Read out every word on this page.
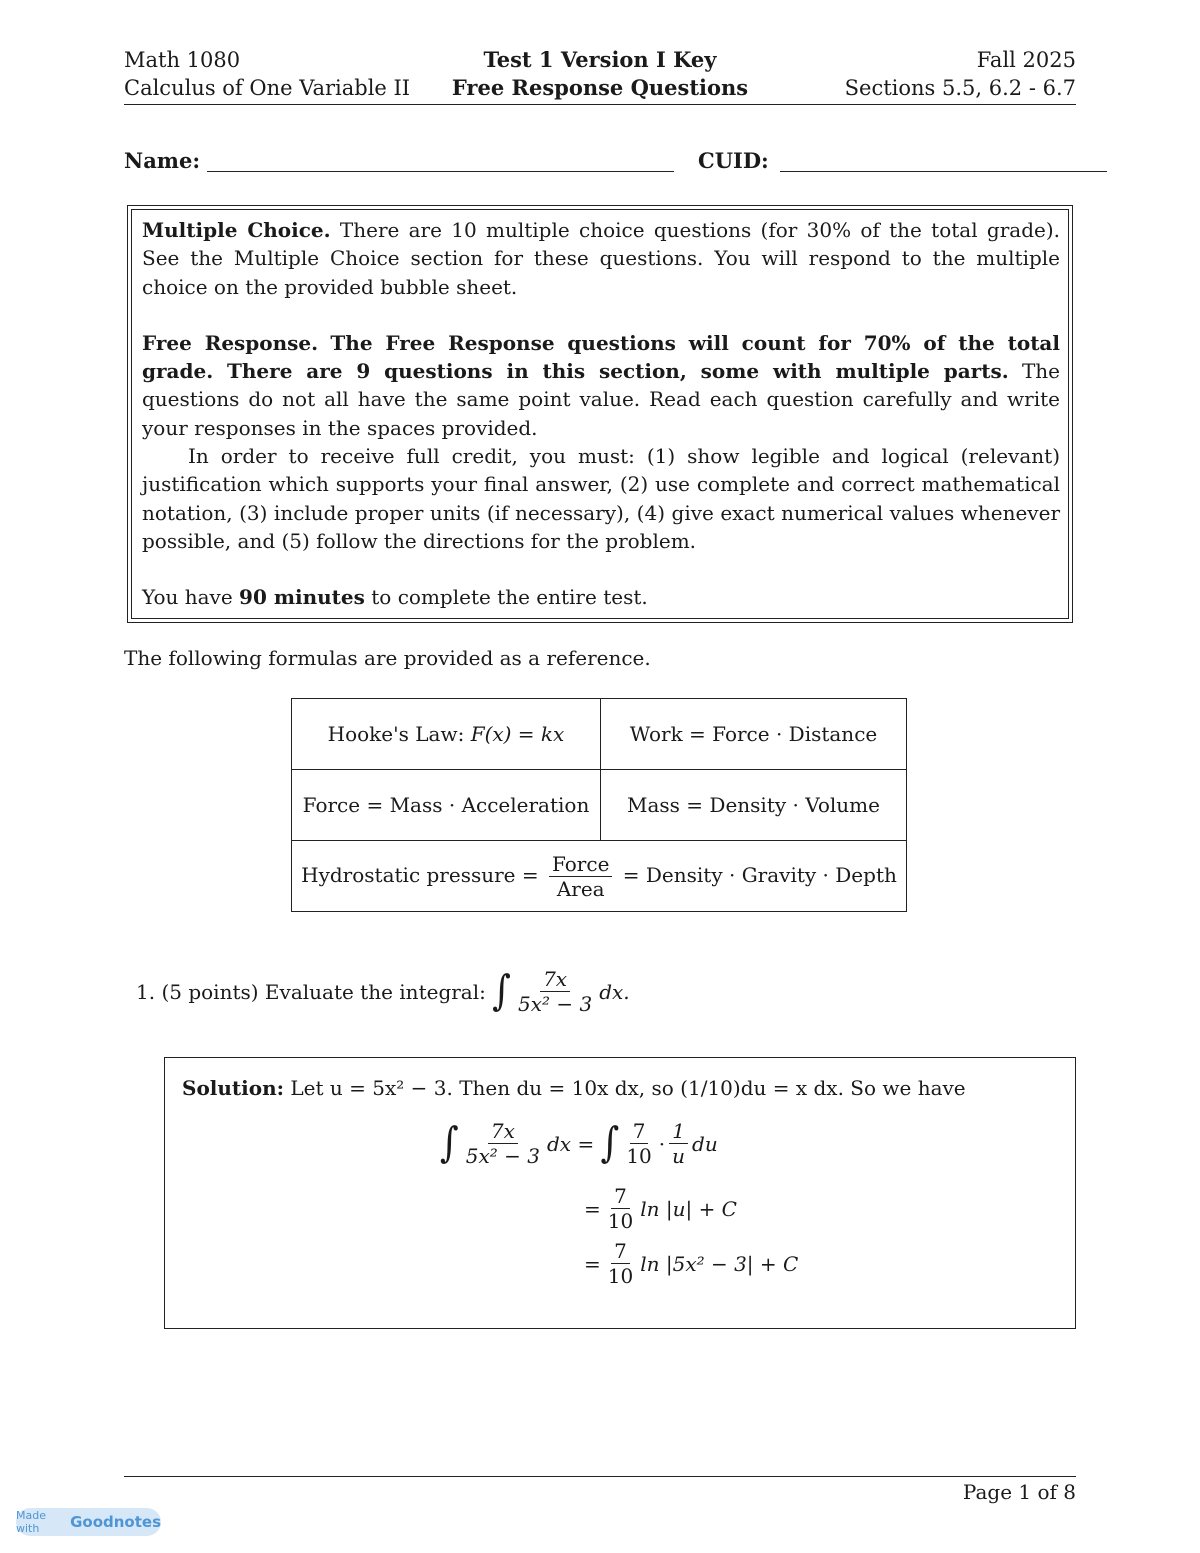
Math 1080
Calculus of One Variable II
Test 1 Version I Key
Free Response Questions
Fall 2025
Sections 5.5, 6.2 - 6.7
Name:	CUID:

Multiple Choice. There are 10 multiple choice questions (for 30% of the total grade). See the Multiple Choice section for these questions. You will respond to the multiple choice on the provided bubble sheet.

Free Response. The Free Response questions will count for 70% of the total grade. There are 9 questions in this section, some with multiple parts. The questions do not all have the same point value. Read each question carefully and write your responses in the spaces provided.

In order to receive full credit, you must: (1) show legible and logical (relevant) justification which supports your final answer, (2) use complete and correct mathematical notation, (3) include proper units (if necessary), (4) give exact numerical values whenever possible, and (5) follow the directions for the problem.

You have 90 minutes to complete the entire test.

The following formulas are provided as a reference.
Hooke's Law: F(x) = kx	Work = Force · Distance
Force = Mass · Acceleration	Mass = Density · Volume
Hydrostatic pressure = $\frac{\text{Force}}{\text{Area}}$ = Density · Gravity · Depth	
1.
(5 points)
Evaluate the integral:
∫ $\frac{7x}{\text{5x² − 3}}$ dx.
Solution: Let u = 5x² − 3. Then du = 10x dx, so (1/10)du = x dx. So we have
∫ $\frac{7x}{\text{5x² − 3}}$ dx
=
∫ $\frac{7}{10} \cdot \frac{1}{u}$ du
= $\frac{7}{10}$ ln |u| + C
= $\frac{7}{10}$ ln |5x² − 3| + C
Page 1 of 8
Made with	Goodnotes
